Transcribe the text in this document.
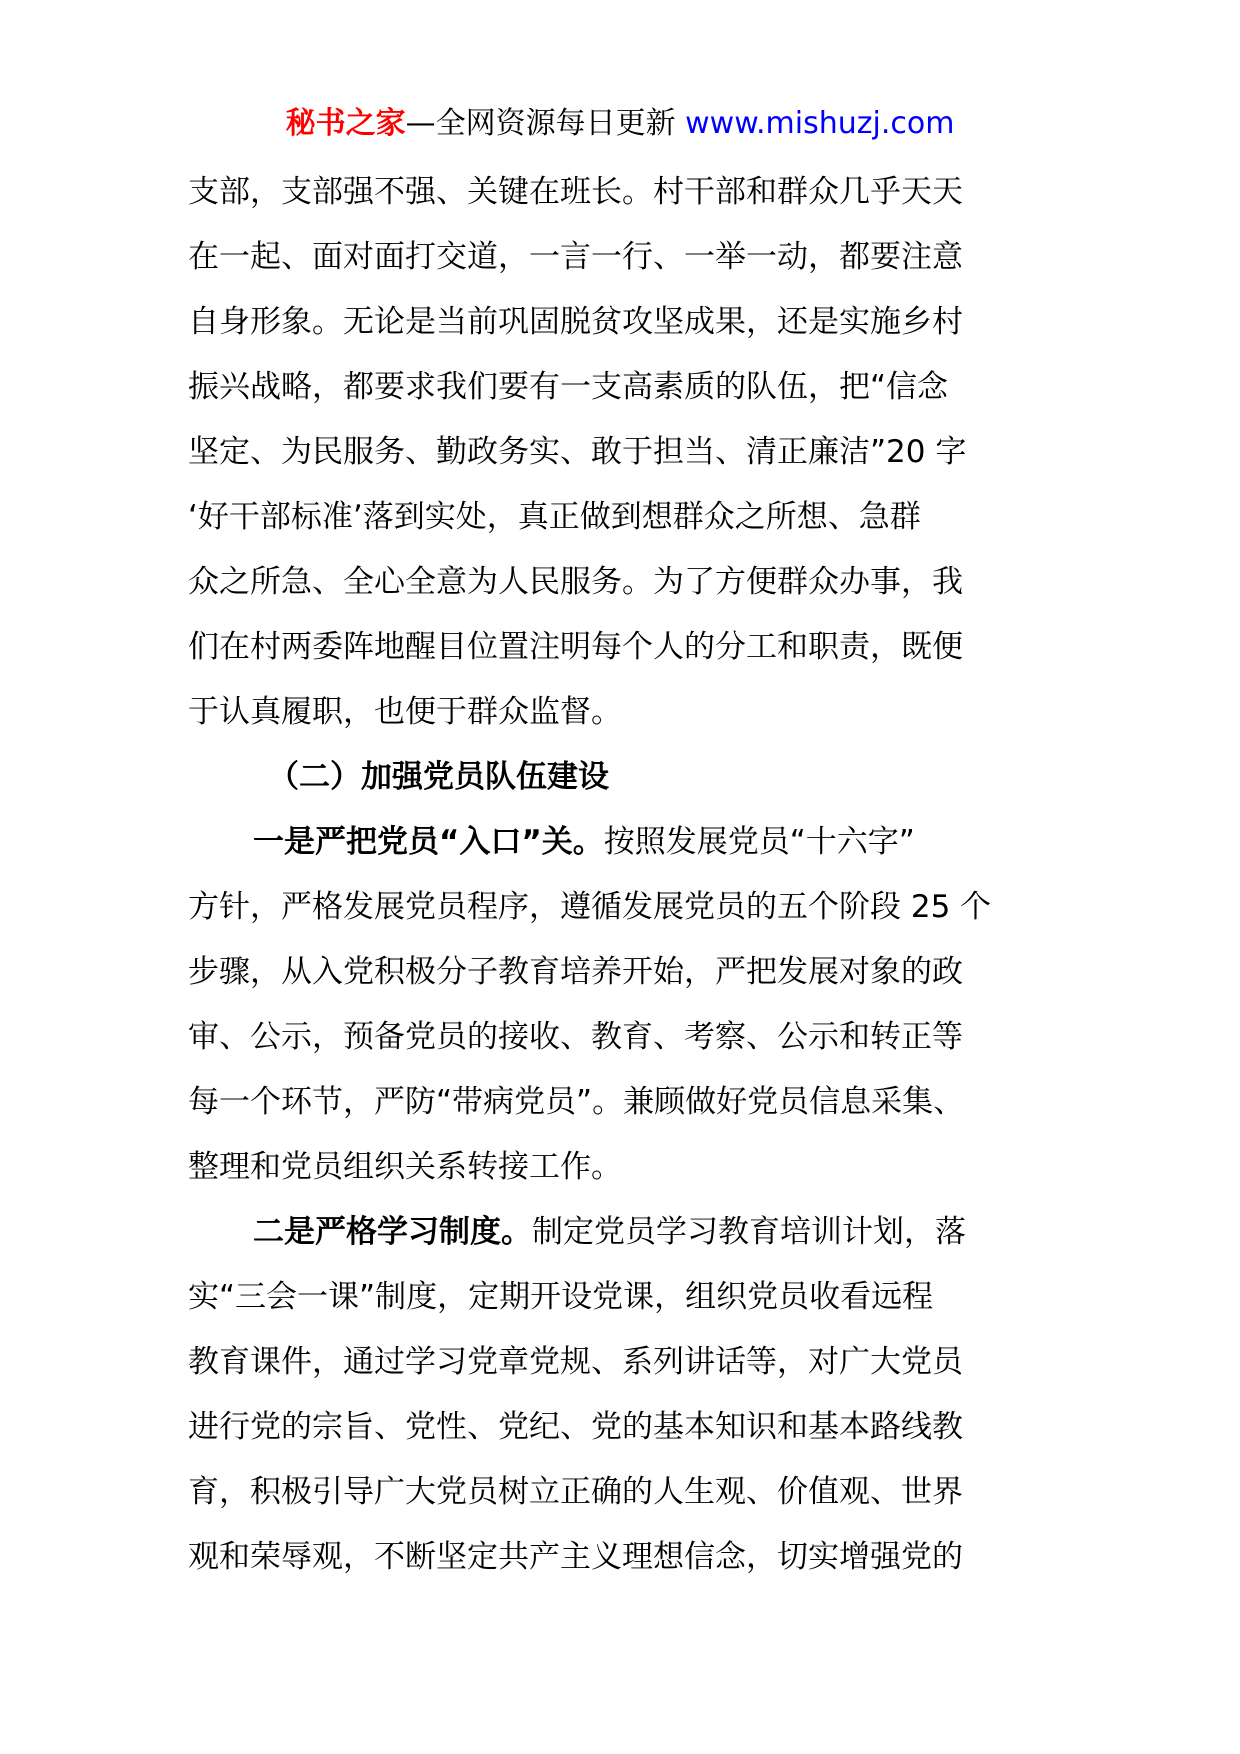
秘书之家—全网资源每日更新 www.mishuzj.com
支部，支部强不强、关键在班长。村干部和群众几乎天天
在一起、面对面打交道，一言一行、一举一动，都要注意
自身形象。无论是当前巩固脱贫攻坚成果，还是实施乡村
振兴战略，都要求我们要有一支高素质的队伍，把“信念
坚定、为民服务、勤政务实、敢于担当、清正廉洁”20 字
‘好干部标准’落到实处，真正做到想群众之所想、急群
众之所急、全心全意为人民服务。为了方便群众办事，我
们在村两委阵地醒目位置注明每个人的分工和职责，既便
于认真履职，也便于群众监督。
（二）加强党员队伍建设
一是严把党员“入口”关。按照发展党员“十六字”
方针，严格发展党员程序，遵循发展党员的五个阶段 25 个
步骤，从入党积极分子教育培养开始，严把发展对象的政
审、公示，预备党员的接收、教育、考察、公示和转正等
每一个环节，严防“带病党员”。兼顾做好党员信息采集、
整理和党员组织关系转接工作。
二是严格学习制度。制定党员学习教育培训计划，落
实“三会一课”制度，定期开设党课，组织党员收看远程
教育课件，通过学习党章党规、系列讲话等，对广大党员
进行党的宗旨、党性、党纪、党的基本知识和基本路线教
育，积极引导广大党员树立正确的人生观、价值观、世界
观和荣辱观，不断坚定共产主义理想信念，切实增强党的
